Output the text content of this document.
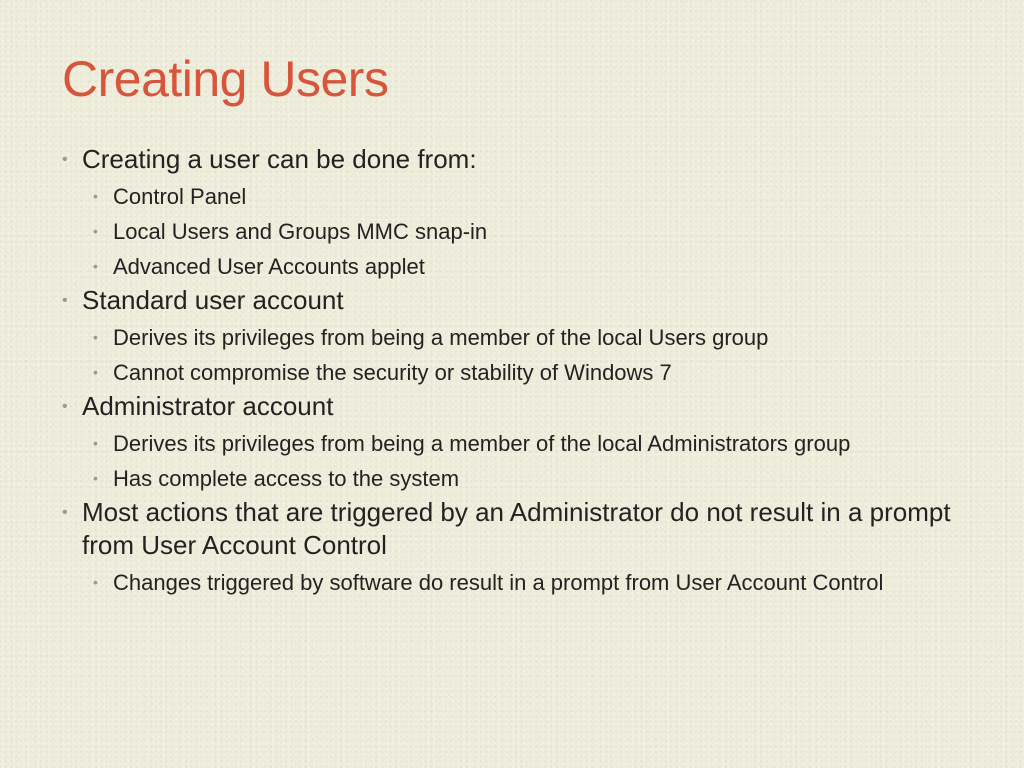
Creating Users
• Creating a user can be done from:
• Control Panel
• Local Users and Groups MMC snap-in
• Advanced User Accounts applet
• Standard user account
• Derives its privileges from being a member of the local Users group
• Cannot compromise the security or stability of Windows 7
• Administrator account
• Derives its privileges from being a member of the local Administrators group
• Has complete access to the system
• Most actions that are triggered by an Administrator do not result in a prompt from User Account Control
• Changes triggered by software do result in a prompt from User Account Control
